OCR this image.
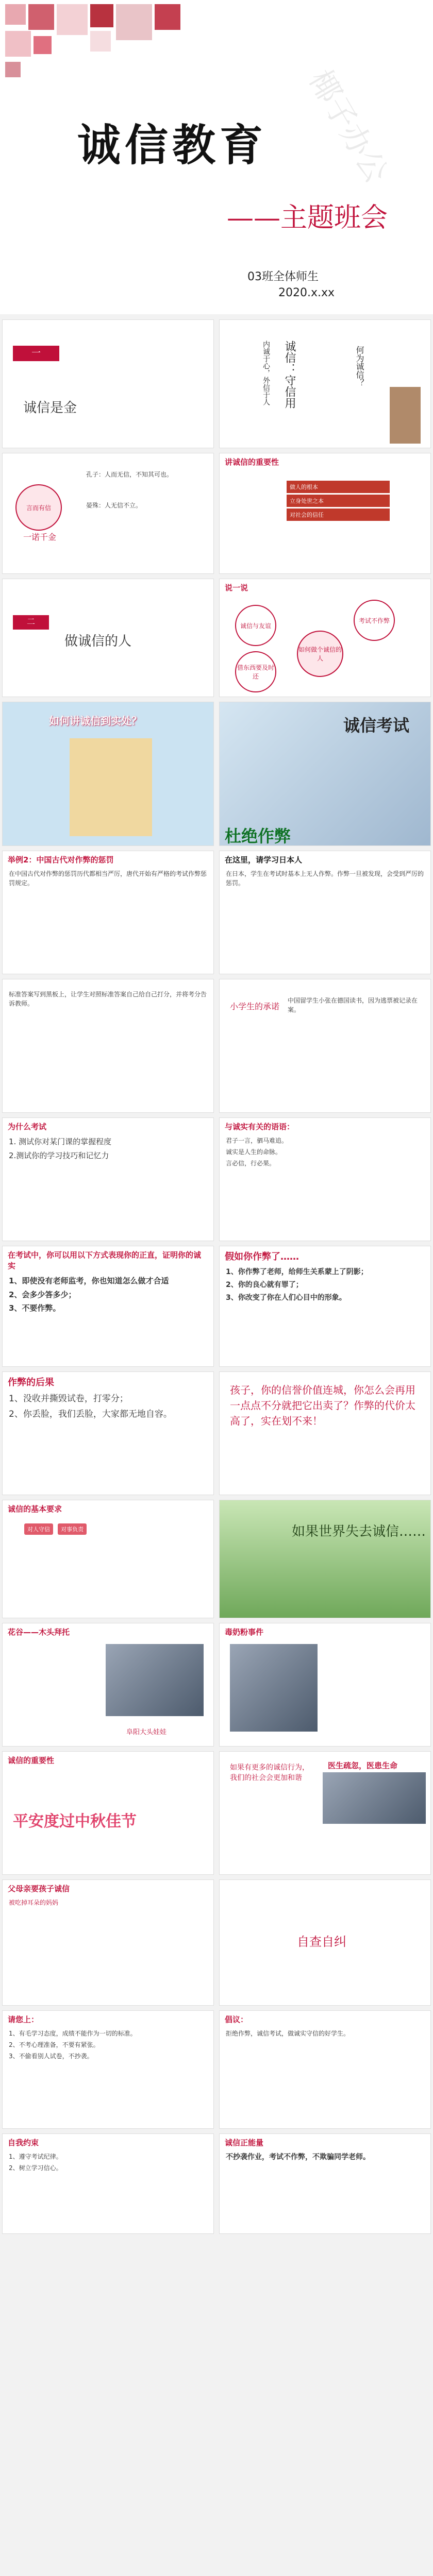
诚信教育
——主题班会
03班全体师生
2020.x.xx
椰子办公
一
诚信是金	诚信：守信用
内诚于心，外信于人	何为诚信？
言而有信
一诺千金
孔子：人而无信，不知其可也。
晏殊：人无信不立。
讲诚信的重要性
做人的根本
立身处世之本
对社会的信任
二
做诚信的人
说一说
诚信与友谊
考试不作弊
如何做个诚信的人
借东西要及时还
如何讲诚信到实处？	诚信考试
杜绝作弊
举例2：中国古代对作弊的惩罚
在中国古代对作弊的惩罚历代都相当严厉，唐代开始有严格的考试作弊惩罚规定。
在这里，请学习日本人
在日本，学生在考试时基本上无人作弊。作弊一旦被发现，会受到严厉的惩罚。
标准答案写到黑板上，让学生对照标准答案自己给自己打分，并将考分告诉教师。	小学生的承诺
中国留学生小张在德国读书，因为逃票被记录在案。
为什么考试
1. 测试你对某门课的掌握程度
2.测试你的学习技巧和记忆力
与诚实有关的语语：
君子一言，驷马难追。
诚实是人生的命脉。
言必信，行必果。
在考试中，你可以用以下方式表现你的正直，证明你的诚实
1、即使没有老师监考，你也知道怎么做才合适
2、会多少答多少；
3、不要作弊。
假如你作弊了……
1、你作弊了老师，给师生关系蒙上了阴影；
2、你的良心就有罪了；
3、你改变了你在人们心目中的形象。
作弊的后果
1、没收并撕毁试卷，打零分；
2、你丢脸，我们丢脸，大家都无地自容。
孩子，你的信誉价值连城，你怎么会再用一点点不分就把它出卖了？作弊的代价太高了，实在划不来！
诚信的基本要求
对人守信 对事负责	如果世界失去诚信……
花谷——木头拜托
阜阳大头娃娃
毒奶粉事件
诚信的重要性
平安度过中秋佳节
如果有更多的诚信行为，我们的社会会更加和谐
医生疏忽，医患生命
父母亲要孩子诚信
被吃掉耳朵的妈妈
自查自纠
请您上：
1、有毛学习态度，成绩不能作为一切的标准。
2、不考心理准备，不要有紧张。
3、不偷看别人试卷，不抄袭。
倡议：
拒绝作弊，诚信考试，做诚实守信的好学生。
自我约束
1、遵守考试纪律。
2、树立学习信心。
诚信正能量
不抄袭作业，考试不作弊，不欺骗同学老师。
